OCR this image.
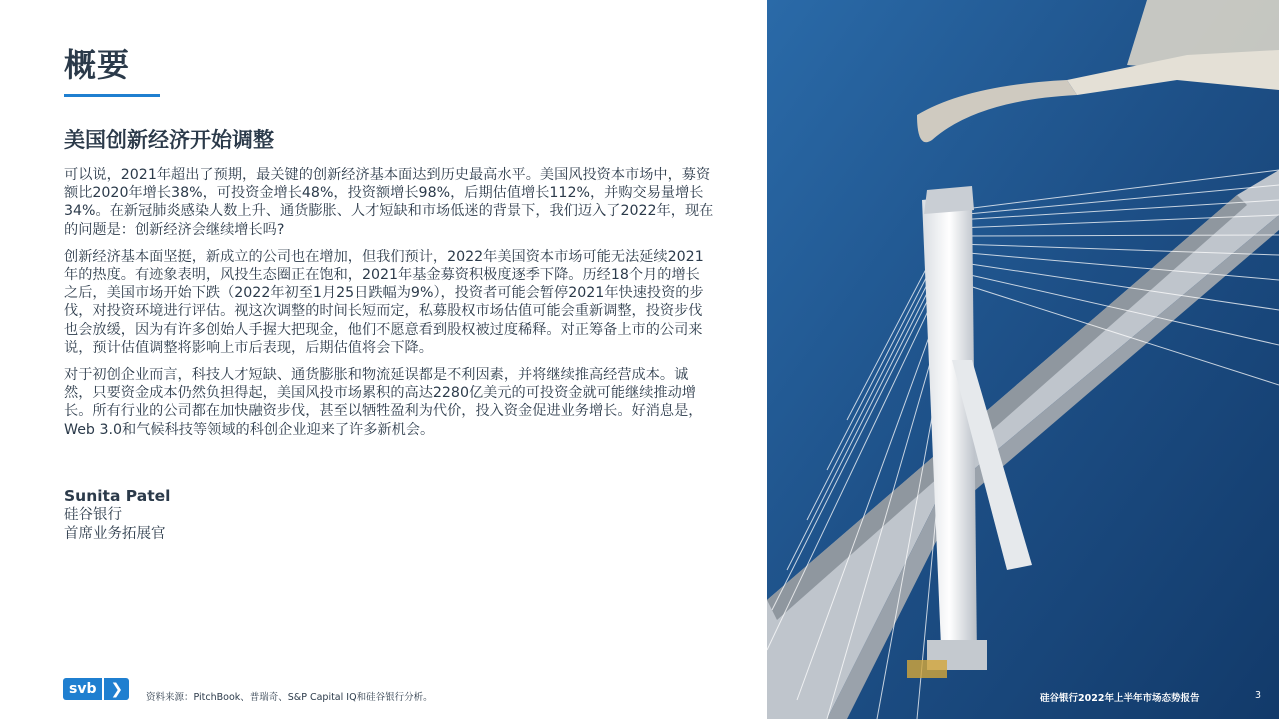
概要
美国创新经济开始调整

可以说，2021年超出了预期，最关键的创新经济基本面达到历史最高水平。美国风投资本市场中，募资额比2020年增长38%，可投资金增长48%，投资额增长98%，后期估值增长112%，并购交易量增长34%。在新冠肺炎感染人数上升、通货膨胀、人才短缺和市场低迷的背景下，我们迈入了2022年，现在的问题是：创新经济会继续增长吗?

创新经济基本面坚挺，新成立的公司也在增加，但我们预计，2022年美国资本市场可能无法延续2021年的热度。有迹象表明，风投生态圈正在饱和，2021年基金募资积极度逐季下降。历经18个月的增长之后，美国市场开始下跌（2022年初至1月25日跌幅为9%），投资者可能会暂停2021年快速投资的步伐，对投资环境进行评估。视这次调整的时间长短而定，私募股权市场估值可能会重新调整，投资步伐也会放缓，因为有许多创始人手握大把现金，他们不愿意看到股权被过度稀释。对正筹备上市的公司来说，预计估值调整将影响上市后表现，后期估值将会下降。

对于初创企业而言，科技人才短缺、通货膨胀和物流延误都是不利因素，并将继续推高经营成本。诚然，只要资金成本仍然负担得起，美国风投市场累积的高达2280亿美元的可投资金就可能继续推动增长。所有行业的公司都在加快融资步伐，甚至以牺牲盈利为代价，投入资金促进业务增长。好消息是，Web 3.0和气候科技等领域的科创企业迎来了许多新机会。

Sunita Patel
硅谷银行
首席业务拓展官
svb ❯	资料来源：PitchBook、普瑞奇、S&P Capital IQ和硅谷银行分析。	硅谷银行2022年上半年市场态势报告	3
